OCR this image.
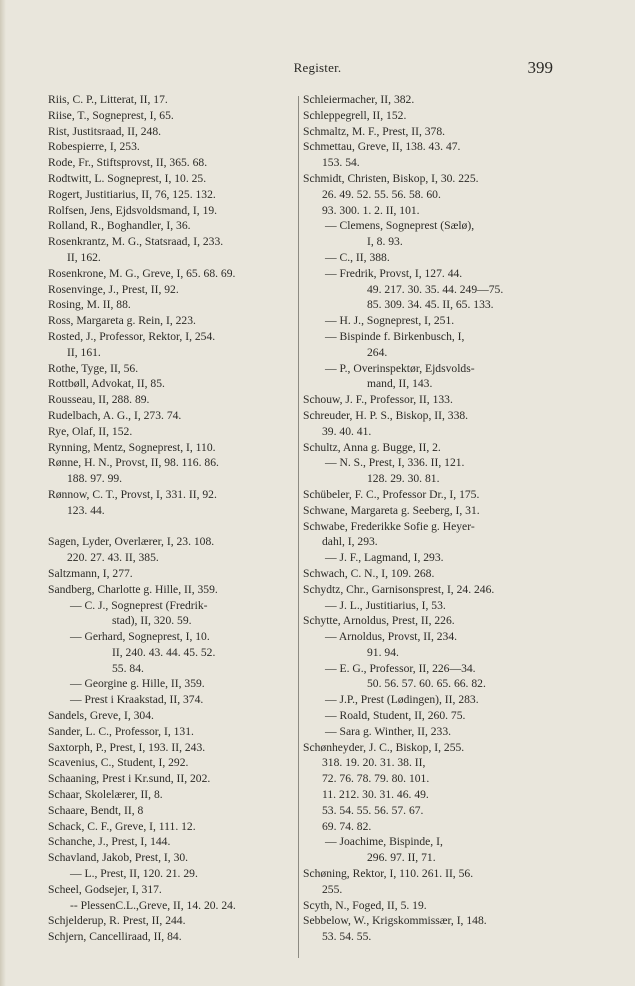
Register.	399
Riis, C. P., Litterat, II, 17.
Riise, T., Sogneprest, I, 65.
Rist, Justitsraad, II, 248.
Robespierre, I, 253.
Rode, Fr., Stiftsprovst, II, 365. 68.
Rodtwitt, L. Sogneprest, I, 10. 25.
Rogert, Justitiarius, II, 76, 125. 132.
Rolfsen, Jens, Ejdsvoldsmand, I, 19.
Rolland, R., Boghandler, I, 36.
Rosenkrantz, M. G., Statsraad, I, 233.
II, 162.
Rosenkrone, M. G., Greve, I, 65. 68. 69.
Rosenvinge, J., Prest, II, 92.
Rosing, M. II, 88.
Ross, Margareta g. Rein, I, 223.
Rosted, J., Professor, Rektor, I, 254.
II, 161.
Rothe, Tyge, II, 56.
Rottbøll, Advokat, II, 85.
Rousseau, II, 288. 89.
Rudelbach, A. G., I, 273. 74.
Rye, Olaf, II, 152.
Rynning, Mentz, Sogneprest, I, 110.
Rønne, H. N., Provst, II, 98. 116. 86.
188. 97. 99.
Rønnow, C. T., Provst, I, 331. II, 92.
123. 44.
Sagen, Lyder, Overlærer, I, 23. 108.
220. 27. 43. II, 385.
Saltzmann, I, 277.
Sandberg, Charlotte g. Hille, II, 359.
— C. J., Sogneprest (Fredrik-
stad), II, 320. 59.
— Gerhard, Sogneprest, I, 10.
II, 240. 43. 44. 45. 52.
55. 84.
— Georgine g. Hille, II, 359.
— Prest i Kraakstad, II, 374.
Sandels, Greve, I, 304.
Sander, L. C., Professor, I, 131.
Saxtorph, P., Prest, I, 193. II, 243.
Scavenius, C., Student, I, 292.
Schaaning, Prest i Kr.sund, II, 202.
Schaar, Skolelærer, II, 8.
Schaare, Bendt, II, 8
Schack, C. F., Greve, I, 111. 12.
Schanche, J., Prest, I, 144.
Schavland, Jakob, Prest, I, 30.
— L., Prest, II, 120. 21. 29.
Scheel, Godsejer, I, 317.
-- PlessenC.L.,Greve, II, 14. 20. 24.
Schjelderup, R. Prest, II, 244.
Schjern, Cancelliraad, II, 84.
Schleiermacher, II, 382.
Schleppegrell, II, 152.
Schmaltz, M. F., Prest, II, 378.
Schmettau, Greve, II, 138. 43. 47.
153. 54.
Schmidt, Christen, Biskop, I, 30. 225.
26. 49. 52. 55. 56. 58. 60.
93. 300. 1. 2. II, 101.
— Clemens, Sogneprest (Sælø),
I, 8. 93.
— C., II, 388.
— Fredrik, Provst, I, 127. 44.
49. 217. 30. 35. 44. 249—75.
85. 309. 34. 45. II, 65. 133.
— H. J., Sogneprest, I, 251.
— Bispinde f. Birkenbusch, I,
264.
— P., Overinspektør, Ejdsvolds-
mand, II, 143.
Schouw, J. F., Professor, II, 133.
Schreuder, H. P. S., Biskop, II, 338.
39. 40. 41.
Schultz, Anna g. Bugge, II, 2.
— N. S., Prest, I, 336. II, 121.
128. 29. 30. 81.
Schübeler, F. C., Professor Dr., I, 175.
Schwane, Margareta g. Seeberg, I, 31.
Schwabe, Frederikke Sofie g. Heyer-
dahl, I, 293.
— J. F., Lagmand, I, 293.
Schwach, C. N., I, 109. 268.
Schydtz, Chr., Garnisonsprest, I, 24. 246.
— J. L., Justitiarius, I, 53.
Schytte, Arnoldus, Prest, II, 226.
— Arnoldus, Provst, II, 234.
91. 94.
— E. G., Professor, II, 226—34.
50. 56. 57. 60. 65. 66. 82.
— J.P., Prest (Lødingen), II, 283.
— Roald, Student, II, 260. 75.
— Sara g. Winther, II, 233.
Schønheyder, J. C., Biskop, I, 255.
318. 19. 20. 31. 38. II,
72. 76. 78. 79. 80. 101.
11. 212. 30. 31. 46. 49.
53. 54. 55. 56. 57. 67.
69. 74. 82.
— Joachime, Bispinde, I,
296. 97. II, 71.
Schøning, Rektor, I, 110. 261. II, 56.
255.
Scyth, N., Foged, II, 5. 19.
Sebbelow, W., Krigskommissær, I, 148.
53. 54. 55.
